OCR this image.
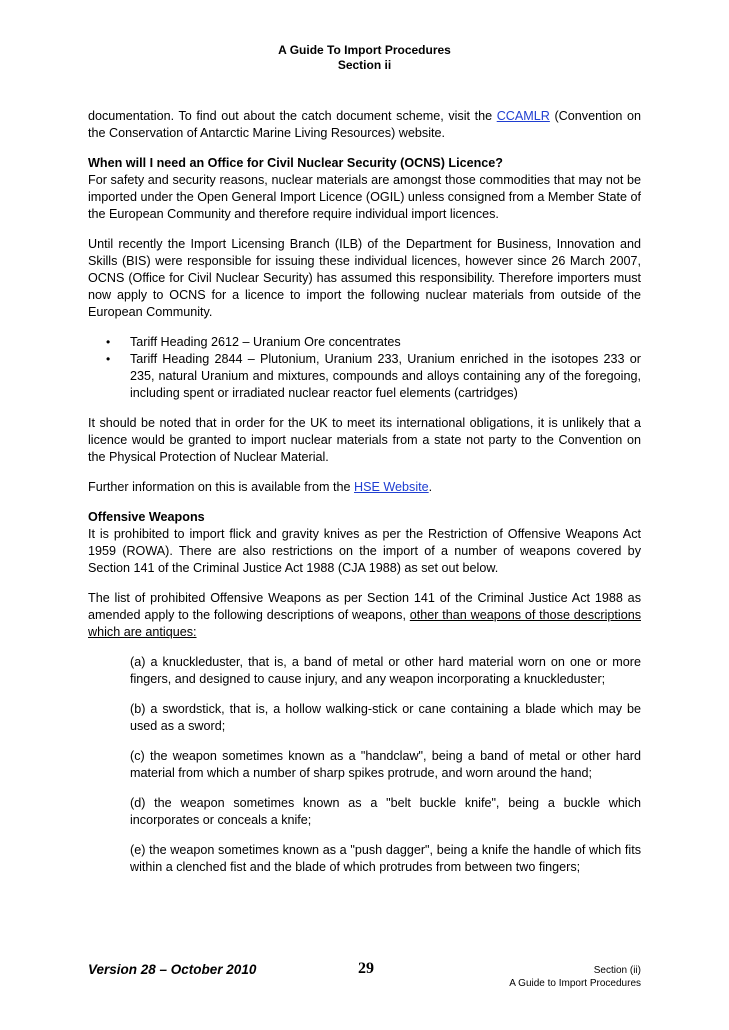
A Guide To Import Procedures
Section ii

documentation. To find out about the catch document scheme, visit the CCAMLR (Convention on the Conservation of Antarctic Marine Living Resources) website.

When will I need an Office for Civil Nuclear Security (OCNS) Licence?
For safety and security reasons, nuclear materials are amongst those commodities that may not be imported under the Open General Import Licence (OGIL) unless consigned from a Member State of the European Community and therefore require individual import licences.

Until recently the Import Licensing Branch (ILB) of the Department for Business, Innovation and Skills (BIS) were responsible for issuing these individual licences, however since 26 March 2007, OCNS (Office for Civil Nuclear Security) has assumed this responsibility. Therefore importers must now apply to OCNS for a licence to import the following nuclear materials from outside of the European Community.

• Tariff Heading 2612 – Uranium Ore concentrates
• Tariff Heading 2844 – Plutonium, Uranium 233, Uranium enriched in the isotopes 233 or 235, natural Uranium and mixtures, compounds and alloys containing any of the foregoing, including spent or irradiated nuclear reactor fuel elements (cartridges)

It should be noted that in order for the UK to meet its international obligations, it is unlikely that a licence would be granted to import nuclear materials from a state not party to the Convention on the Physical Protection of Nuclear Material.

Further information on this is available from the HSE Website.

Offensive Weapons
It is prohibited to import flick and gravity knives as per the Restriction of Offensive Weapons Act 1959 (ROWA). There are also restrictions on the import of a number of weapons covered by Section 141 of the Criminal Justice Act 1988 (CJA 1988) as set out below.

The list of prohibited Offensive Weapons as per Section 141 of the Criminal Justice Act 1988 as amended apply to the following descriptions of weapons, other than weapons of those descriptions which are antiques:

(a) a knuckleduster, that is, a band of metal or other hard material worn on one or more fingers, and designed to cause injury, and any weapon incorporating a knuckleduster;
(b) a swordstick, that is, a hollow walking-stick or cane containing a blade which may be used as a sword;
(c) the weapon sometimes known as a "handclaw", being a band of metal or other hard material from which a number of sharp spikes protrude, and worn around the hand;
(d) the weapon sometimes known as a "belt buckle knife", being a buckle which incorporates or conceals a knife;
(e) the weapon sometimes known as a "push dagger", being a knife the handle of which fits within a clenched fist and the blade of which protrudes from between two fingers;
Version 28 – October 2010	29	Section (ii)
A Guide to Import Procedures
